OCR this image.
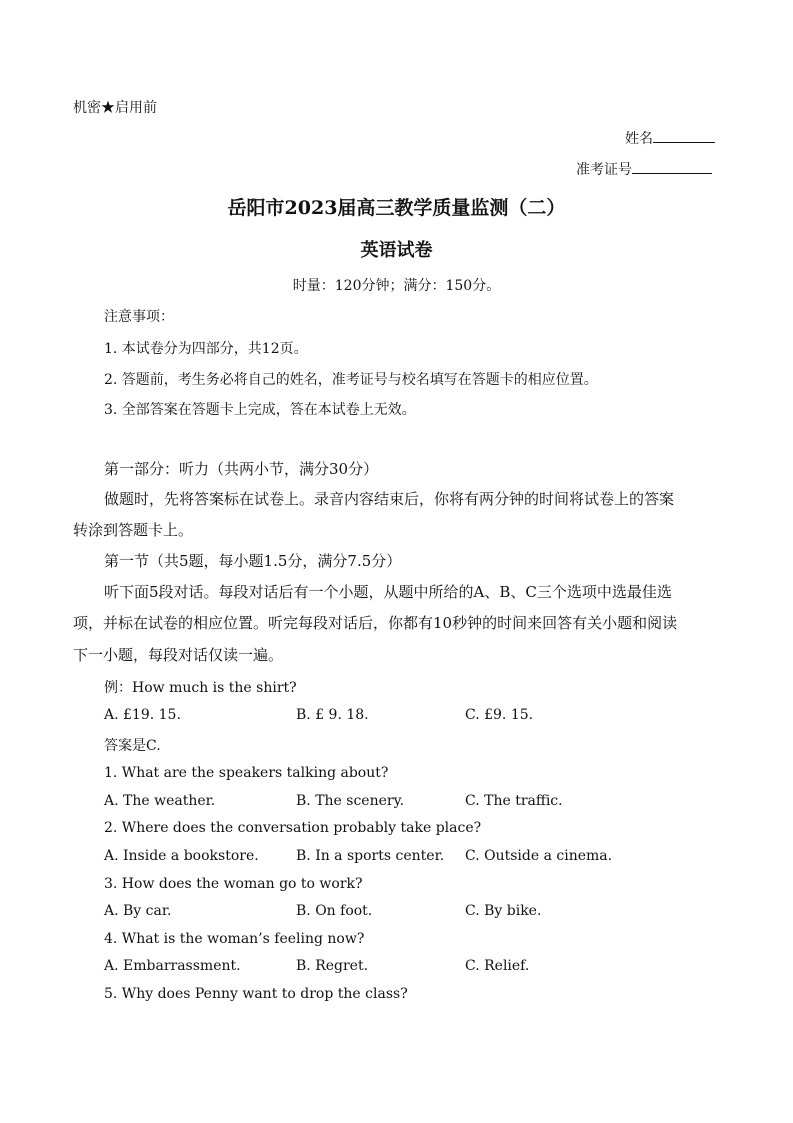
机密★启用前
姓名
准考证号
岳阳市2023届高三教学质量监测（二）
英语试卷
时量：120分钟；满分：150分。
注意事项：
1. 本试卷分为四部分，共12页。
2. 答题前，考生务必将自己的姓名，准考证号与校名填写在答题卡的相应位置。
3. 全部答案在答题卡上完成，答在本试卷上无效。
第一部分：听力（共两小节，满分30分）
做题时，先将答案标在试卷上。录音内容结束后，你将有两分钟的时间将试卷上的答案
转涂到答题卡上。
第一节（共5题，每小题1.5分，满分7.5分）
听下面5段对话。每段对话后有一个小题，从题中所给的A、B、C三个选项中选最佳选
项，并标在试卷的相应位置。听完每段对话后，你都有10秒钟的时间来回答有关小题和阅读
下一小题，每段对话仅读一遍。
例：How much is the shirt?
A. £19. 15.	B. £ 9. 18.	C. £9. 15.
答案是C.
1. What are the speakers talking about?
A. The weather.	B. The scenery.	C. The traffic.
2. Where does the conversation probably take place?
A. Inside a bookstore.	B. In a sports center. C. Outside a cinema.
3. How does the woman go to work?
A. By car.	B. On foot.	C. By bike.
4. What is the woman’s feeling now?
A. Embarrassment.	B. Regret.	C. Relief.
5. Why does Penny want to drop the class?
